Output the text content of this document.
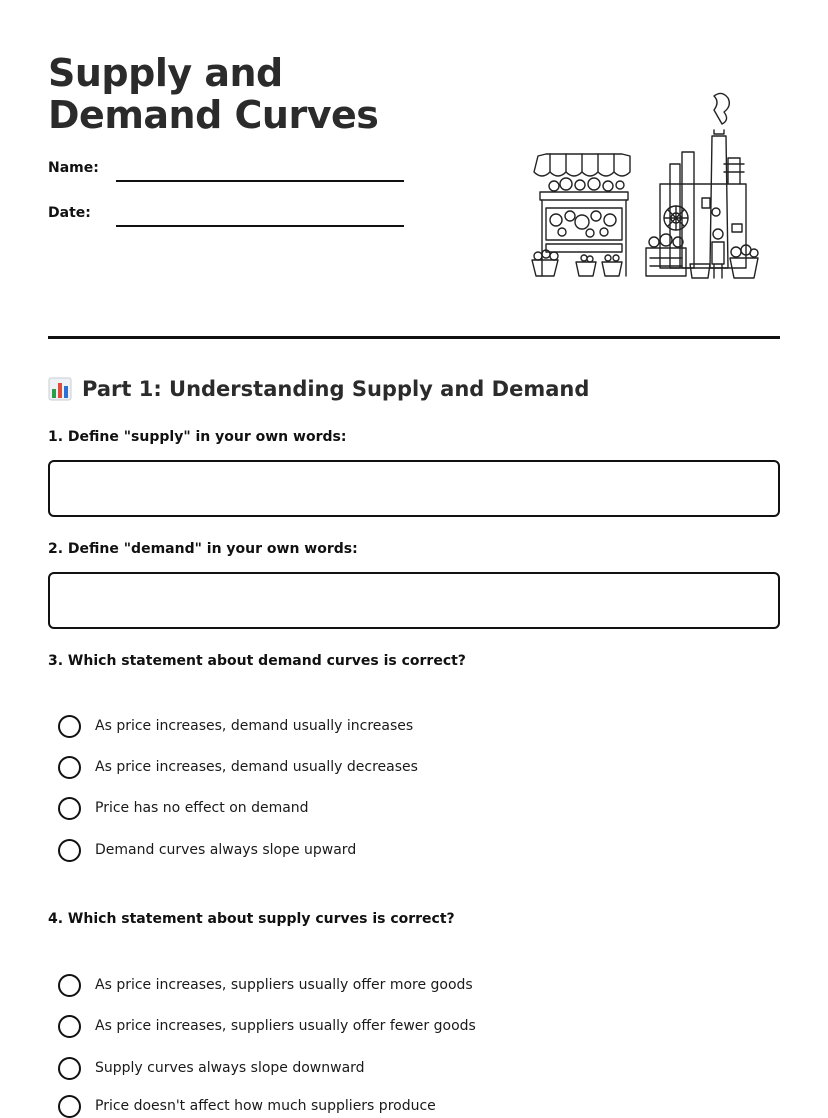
Supply and Demand Curves
Name:
Date:
Part 1: Understanding Supply and Demand
1. Define "supply" in your own words:
2. Define "demand" in your own words:
3. Which statement about demand curves is correct?
As price increases, demand usually increases
As price increases, demand usually decreases
Price has no effect on demand
Demand curves always slope upward
4. Which statement about supply curves is correct?
As price increases, suppliers usually offer more goods
As price increases, suppliers usually offer fewer goods
Supply curves always slope downward
Price doesn't affect how much suppliers produce
